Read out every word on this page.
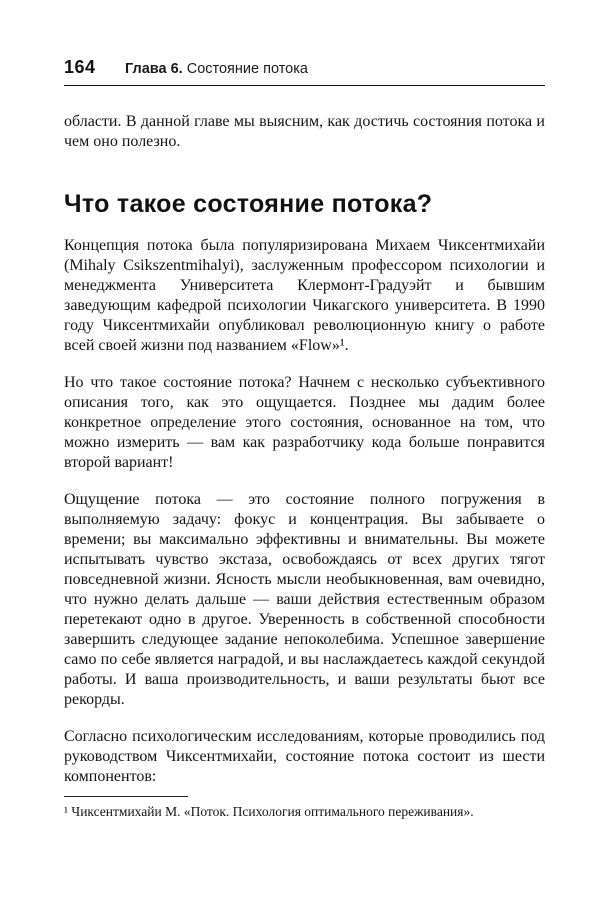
164	Глава 6. Состояние потока

области. В данной главе мы выясним, как достичь состояния потока и чем оно полезно.

Что такое состояние потока?

Концепция потока была популяризирована Михаем Чиксентмихайи (Mihaly Csikszentmihalyi), заслуженным профессором психологии и менеджмента Университета Клермонт-Градуэйт и бывшим заведующим кафедрой психологии Чикагского университета. В 1990 году Чиксентмихайи опубликовал революционную книгу о работе всей своей жизни под названием «Flow»¹.

Но что такое состояние потока? Начнем с несколько субъективного описания того, как это ощущается. Позднее мы дадим более конкретное определение этого состояния, основанное на том, что можно измерить — вам как разработчику кода больше понравится второй вариант!

Ощущение потока — это состояние полного погружения в выполняемую задачу: фокус и концентрация. Вы забываете о времени; вы максимально эффективны и внимательны. Вы можете испытывать чувство экстаза, освобождаясь от всех других тягот повседневной жизни. Ясность мысли необыкновенная, вам очевидно, что нужно делать дальше — ваши действия естественным образом перетекают одно в другое. Уверенность в собственной способности завершить следующее задание непоколебима. Успешное завершение само по себе является наградой, и вы наслаждаетесь каждой секундой работы. И ваша производительность, и ваши результаты бьют все рекорды.

Согласно психологическим исследованиям, которые проводились под руководством Чиксентмихайи, состояние потока состоит из шести компонентов:

¹ Чиксентмихайи М. «Поток. Психология оптимального переживания».
